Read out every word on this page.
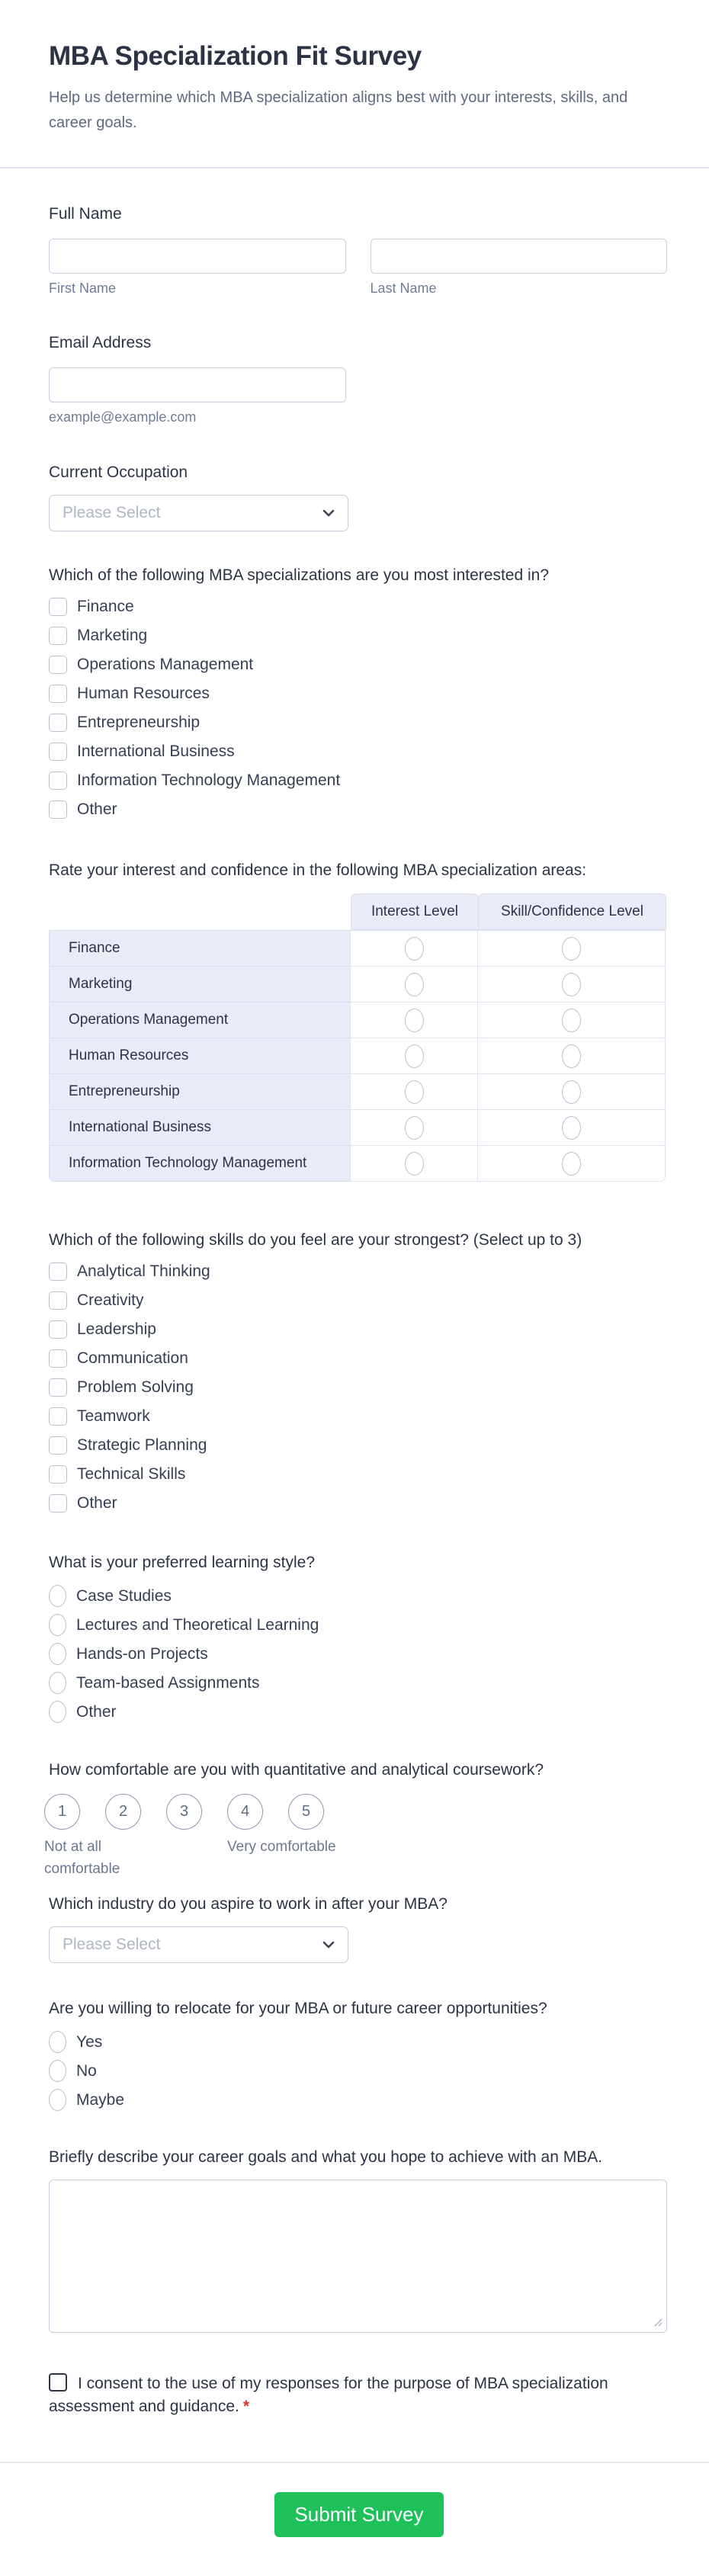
MBA Specialization Fit Survey
Help us determine which MBA specialization aligns best with your interests, skills, and career goals.
Full Name
First Name	Last Name
Email Address
example@example.com
Current Occupation
Please Select
Which of the following MBA specializations are you most interested in?
Finance
Marketing
Operations Management
Human Resources
Entrepreneurship
International Business
Information Technology Management
Other
Rate your interest and confidence in the following MBA specialization areas:
Interest Level	Skill/Confidence Level
Finance
Marketing
Operations Management
Human Resources
Entrepreneurship
International Business
Information Technology Management
Which of the following skills do you feel are your strongest? (Select up to 3)
Analytical Thinking
Creativity
Leadership
Communication
Problem Solving
Teamwork
Strategic Planning
Technical Skills
Other
What is your preferred learning style?
Case Studies
Lectures and Theoretical Learning
Hands-on Projects
Team-based Assignments
Other
How comfortable are you with quantitative and analytical coursework?
1	2	3	4	5
Not at all comfortable
Very comfortable
Which industry do you aspire to work in after your MBA?
Please Select
Are you willing to relocate for your MBA or future career opportunities?
Yes
No
Maybe
Briefly describe your career goals and what you hope to achieve with an MBA.
I consent to the use of my responses for the purpose of MBA specialization assessment and guidance. *
Submit Survey
